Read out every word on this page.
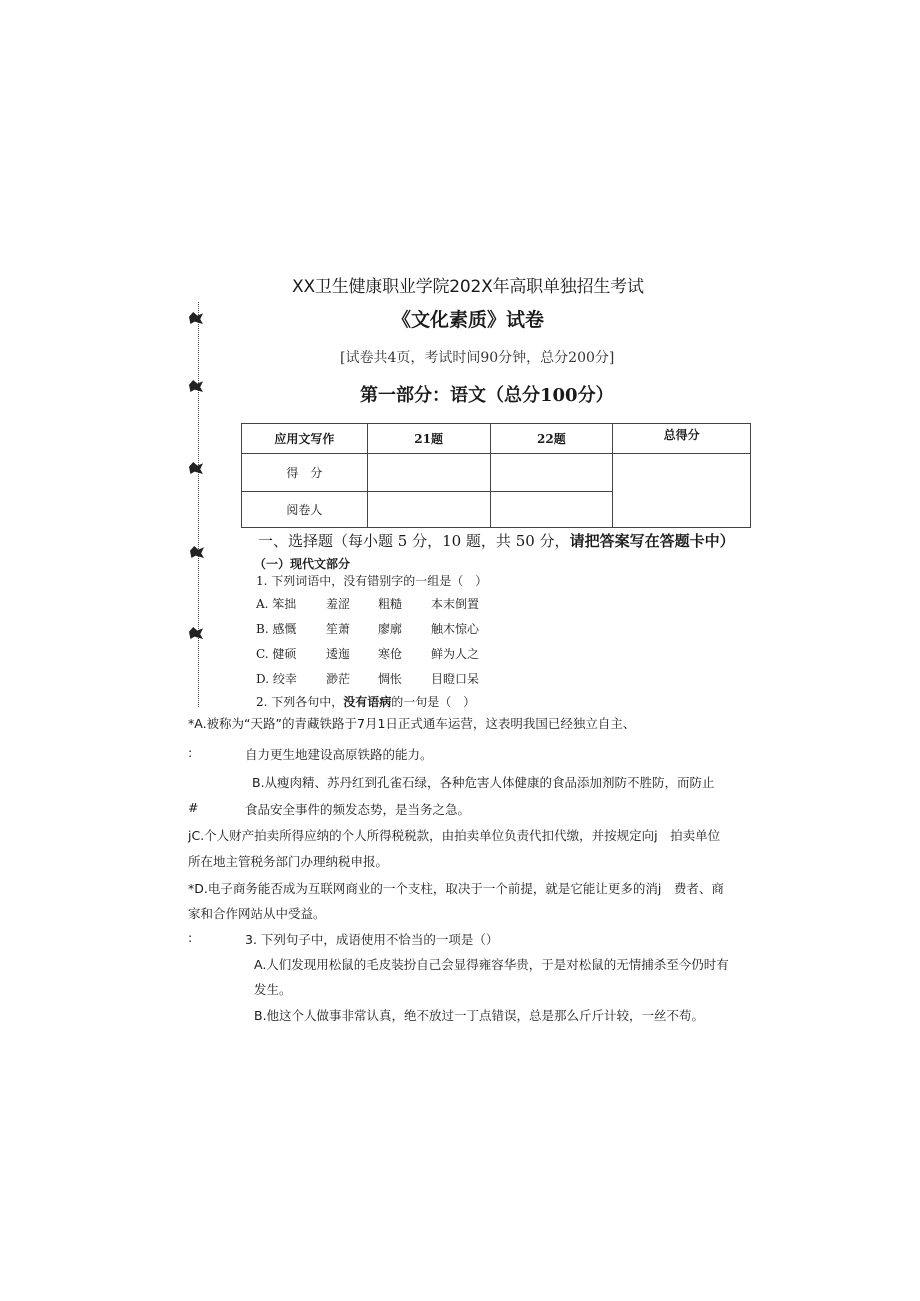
XX卫生健康职业学院202X年高职单独招生考试
《文化素质》试卷
[试卷共4页，考试时间90分钟，总分200分]
第一部分：语文（总分100分）
应用文写作	21题	22题	总得分
得　分			
阅卷人			
一、选择题（每小题 5 分，10 题，共 50 分，请把答案写在答题卡中）
（一）现代文部分
1. 下列词语中，没有错别字的一组是（　）
A. 笨拙 羞涩 粗糙 本末倒置
B. 感慨 笙萧 廖廓 触木惊心
C. 健硕 逶迤 寒伧 鲜为人之
D. 绞幸 渺茫 惆怅 目瞪口呆
2. 下列各句中，没有语病的一句是（　）
*A.被称为“天路”的青藏铁路于7月1日正式通车运营，这表明我国已经独立自主、
:	自力更生地建设高原铁路的能力。
B.从瘦肉精、苏丹红到孔雀石绿，各种危害人体健康的食品添加剂防不胜防，而防止
#	食品安全事件的频发态势，是当务之急。
jC.个人财产拍卖所得应纳的个人所得税税款，由拍卖单位负责代扣代缴，并按规定向j　拍卖单位
所在地主管税务部门办理纳税申报。
*D.电子商务能否成为互联网商业的一个支柱，取决于一个前提，就是它能让更多的消j　费者、商
家和合作网站从中受益。
:	3. 下列句子中，成语使用不恰当的一项是（）
A.人们发现用松鼠的毛皮装扮自己会显得雍容华贵，于是对松鼠的无情捕杀至今仍时有
发生。
B.他这个人做事非常认真，绝不放过一丁点错误，总是那么斤斤计较，一丝不苟。
